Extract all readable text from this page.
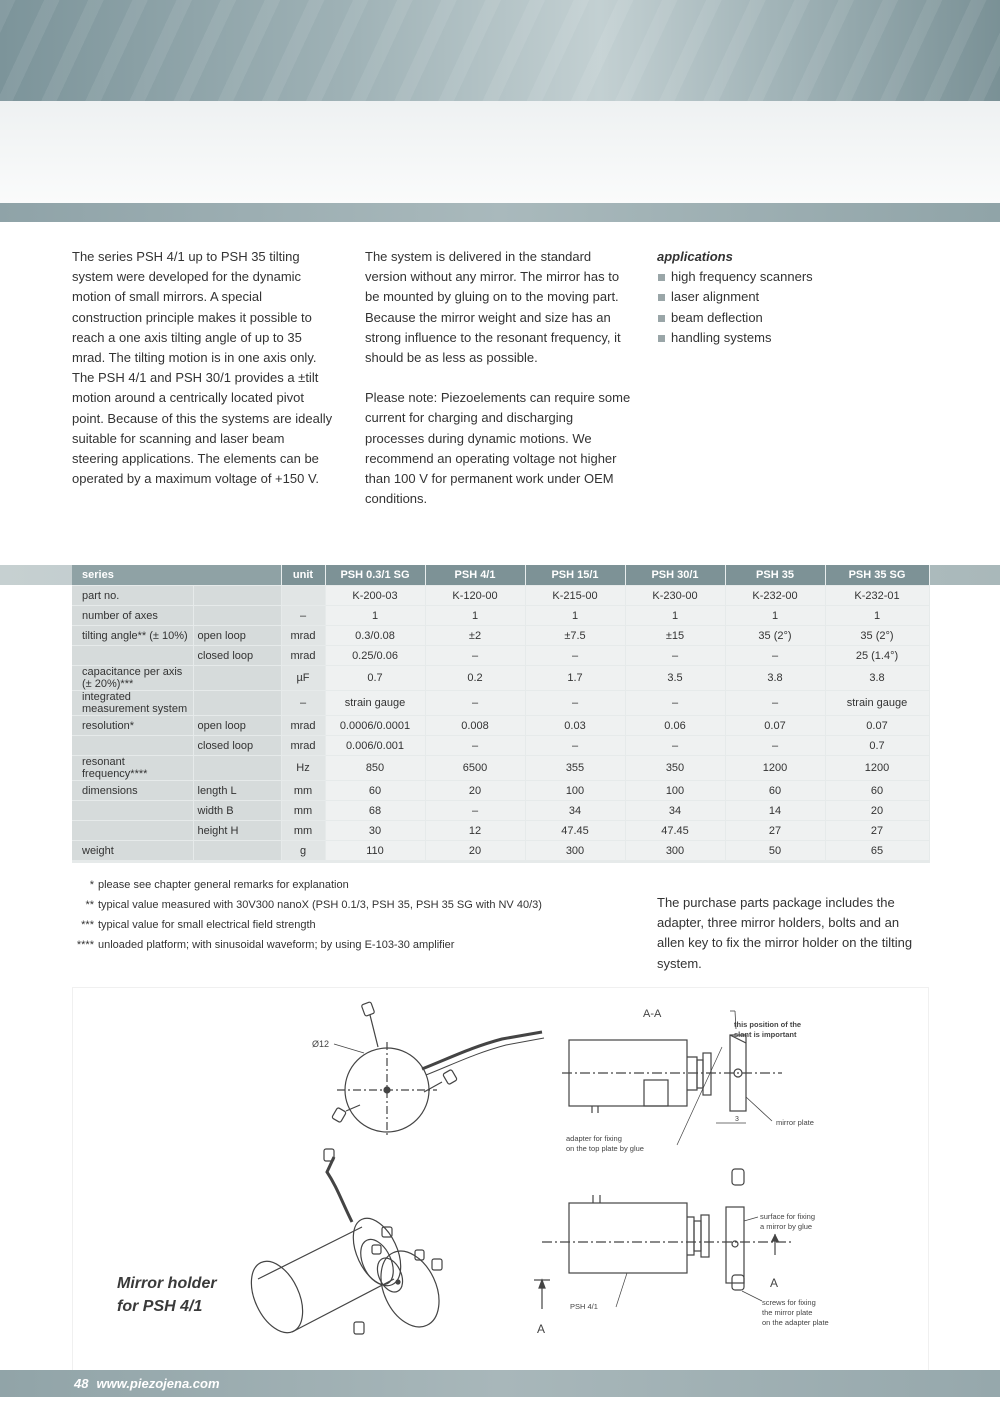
The series PSH 4/1 up to PSH 35 tilting system were developed for the dynamic motion of small mirrors. A special construction principle makes it possible to reach a one axis tilting angle of up to 35 mrad. The tilting motion is in one axis only. The PSH 4/1 and PSH 30/1 provides a ±tilt motion around a centrically located pivot point. Because of this the systems are ideally suitable for scanning and laser beam steering applications. The elements can be operated by a maximum voltage of +150 V.

The system is delivered in the standard version without any mirror. The mirror has to be mounted by gluing on to the moving part. Because the mirror weight and size has an strong influence to the resonant frequency, it should be as less as possible.

Please note: Piezoelements can require some current for charging and discharging processes during dynamic motions. We recommend an operating voltage not higher than 100 V for permanent work under OEM conditions.

applications
high frequency scanners
laser alignment
beam deflection
handling systems
series		unit	PSH 0.3/1 SG	PSH 4/1	PSH 15/1	PSH 30/1	PSH 35	PSH 35 SG
part no.			K-200-03	K-120-00	K-215-00	K-230-00	K-232-00	K-232-01
number of axes		–	1	1	1	1	1	1
tilting angle** (± 10%)	open loop	mrad	0.3/0.08	±2	±7.5	±15	35 (2°)	35 (2°)
	closed loop	mrad	0.25/0.06	–	–	–	–	25 (1.4°)
capacitance per axis (± 20%)***		µF	0.7	0.2	1.7	3.5	3.8	3.8
integrated measurement system		–	strain gauge	–	–	–	–	strain gauge
resolution*	open loop	mrad	0.0006/0.0001	0.008	0.03	0.06	0.07	0.07
	closed loop	mrad	0.006/0.001	–	–	–	–	0.7
resonant frequency****		Hz	850	6500	355	350	1200	1200
dimensions	length L	mm	60	20	100	100	60	60
	width B	mm	68	–	34	34	14	20
	height H	mm	30	12	47.45	47.45	27	27
weight		g	110	20	300	300	50	65
* please see chapter general remarks for explanation
** typical value measured with 30V300 nanoX (PSH 0.1/3, PSH 35, PSH 35 SG with NV 40/3)
*** typical value for small electrical field strength
**** unloaded platform; with sinusoidal waveform; by using E-103-30 amplifier
The purchase parts package includes the adapter, three mirror holders, bolts and an allen key to fix the mirror holder on the tilting system.
Ø12
A-A
this position of the
slant is important
mirror plate
3
adapter for fixing
on the top plate by glue
A
surface for fixing
a mirror by glue
A
PSH 4/1	screws for fixing
the mirror plate
on the adapter plate
Mirror holder
for PSH 4/1
48 www.piezojena.com
